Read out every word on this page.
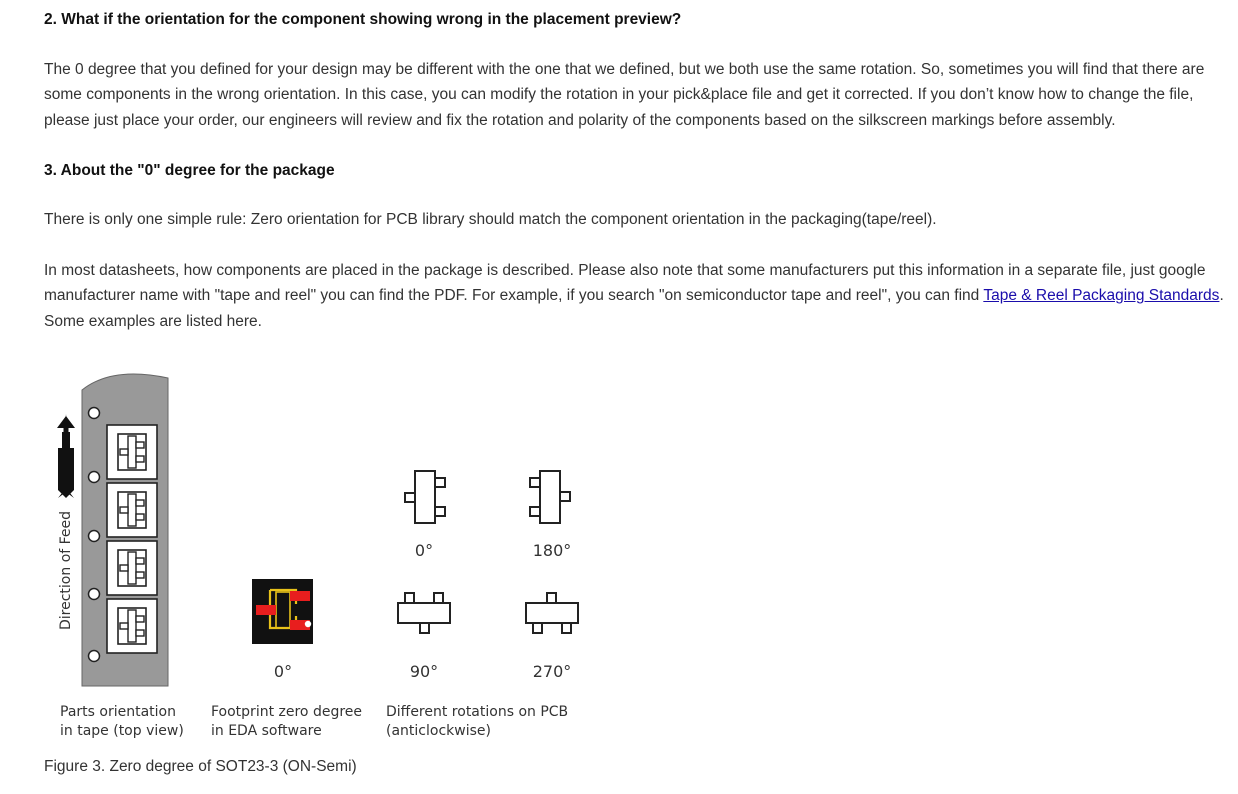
2. What if the orientation for the component showing wrong in the placement preview?

The 0 degree that you defined for your design may be different with the one that we defined, but we both use the same rotation. So, sometimes you will find that there are some components in the wrong orientation. In this case, you can modify the rotation in your pick&place file and get it corrected. If you don’t know how to change the file, please just place your order, our engineers will review and fix the rotation and polarity of the components based on the silkscreen markings before assembly.

3. About the "0" degree for the package

There is only one simple rule: Zero orientation for PCB library should match the component orientation in the packaging(tape/reel).

In most datasheets, how components are placed in the package is described. Please also note that some manufacturers put this information in a separate file, just google manufacturer name with "tape and reel" you can find the PDF. For example, if you search "on semiconductor tape and reel", you can find Tape & Reel Packaging Standards. Some examples are listed here.

Direction of Feed	0°	180°
0°	90°	270°
Parts orientation
in tape (top view)
Footprint zero degree
in EDA software
Different rotations on PCB
(anticlockwise)

Figure 3. Zero degree of SOT23-3 (ON-Semi)
